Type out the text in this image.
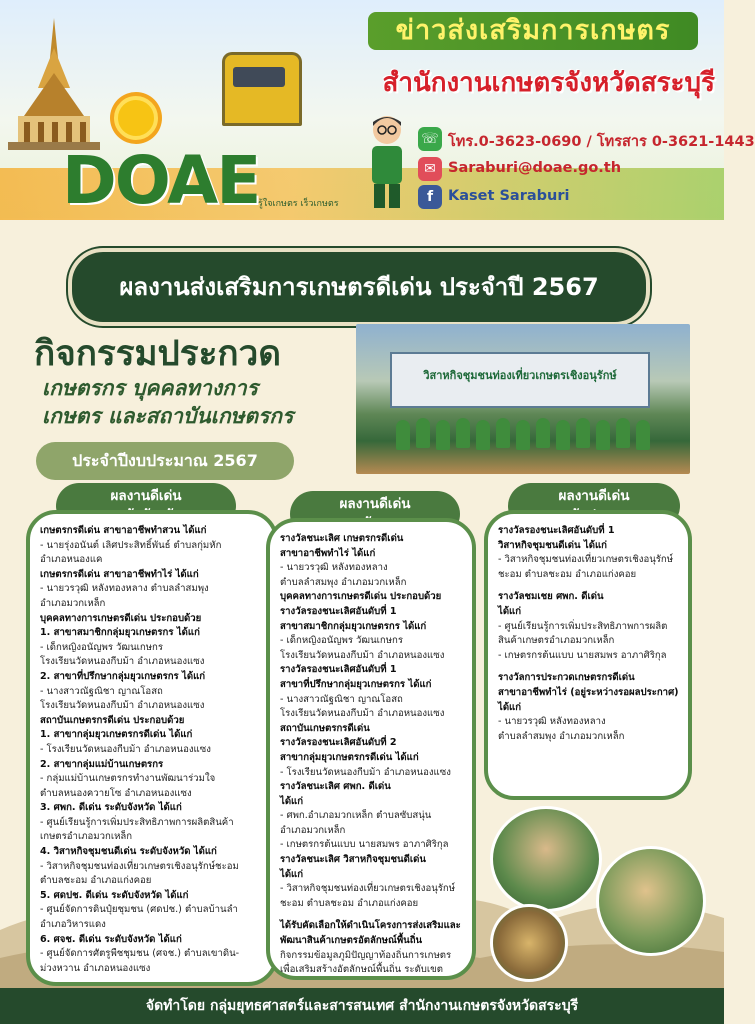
ข่าวส่งเสริมการเกษตร
สำนักงานเกษตรจังหวัดสระบุรี
☏ โทร.0-3623-0690 / โทรสาร 0-3621-1443
✉ Saraburi@doae.go.th
f	Kaset Saraburi
DOAE
รู้ใจเกษตร เร็วเกษตร
ผลงานส่งเสริมการเกษตรดีเด่น ประจำปี 2567
กิจกรรมประกวด
เกษตรกร บุคคลทางการ
เกษตร และสถาบันเกษตรกร
ประจำปีงบประมาณ 2567
วิสาหกิจชุมชนท่องเที่ยวเกษตรเชิงอนุรักษ์
ผลงานดีเด่น

เกษตรกรดีเด่น สาขาอาชีพทำสวน ได้แก่

- นายรุ่งอนันต์ เลิศประสิทธิ์พันธ์ ตำบลกุ่มหัก

อำเภอหนองแค

เกษตรกรดีเด่น สาขาอาชีพทำไร่ ได้แก่

- นายวรวุฒิ หลังทองหลาง ตำบลลำสมพุง

อำเภอมวกเหล็ก

บุคคลทางการเกษตรดีเด่น ประกอบด้วย

1. สาขาสมาชิกกลุ่มยุวเกษตรกร ได้แก่

- เด็กหญิงอนัญพร วัฒนเกษกร

โรงเรียนวัดหนองกีบม้า อำเภอหนองแซง

2. สาขาที่ปรึกษากลุ่มยุวเกษตรกร ได้แก่

- นางสาวณัฐณิชา ญาณโอสถ

โรงเรียนวัดหนองกีบม้า อำเภอหนองแซง

สถาบันเกษตรกรดีเด่น ประกอบด้วย

1. สาขากลุ่มยุวเกษตรกรดีเด่น ได้แก่

- โรงเรียนวัดหนองกีบม้า อำเภอหนองแซง

2. สาขากลุ่มแม่บ้านเกษตรกร

- กลุ่มแม่บ้านเกษตรกรทำงานพัฒนาร่วมใจ

ตำบลหนองควายโซ อำเภอหนองแซง

3. ศพก. ดีเด่น ระดับจังหวัด ได้แก่

- ศูนย์เรียนรู้การเพิ่มประสิทธิภาพการผลิตสินค้า

เกษตรอำเภอมวกเหล็ก

4. วิสาหกิจชุมชนดีเด่น ระดับจังหวัด ได้แก่

- วิสาหกิจชุมชนท่องเที่ยวเกษตรเชิงอนุรักษ์ชะอม

ตำบลชะอม อำเภอแก่งคอย

5. ศดปช. ดีเด่น ระดับจังหวัด ได้แก่

- ศูนย์จัดการดินปุ๋ยชุมชน (ศดปช.) ตำบลบ้านลำ

อำเภอวิหารแดง

6. ศจช. ดีเด่น ระดับจังหวัด ได้แก่

- ศูนย์จัดการศัตรูพืชชุมชน (ศจช.) ตำบลเขาดิน-

ม่วงหวาน อำเภอหนองแซง

ผลงานดีเด่น

รางวัลชนะเลิศ เกษตรกรดีเด่น

สาขาอาชีพทำไร่ ได้แก่

- นายวรวุฒิ หลังทองหลาง

ตำบลลำสมพุง อำเภอมวกเหล็ก

บุคคลทางการเกษตรดีเด่น ประกอบด้วย

รางวัลรองชนะเลิศอันดับที่ 1

สาขาสมาชิกกลุ่มยุวเกษตรกร ได้แก่

- เด็กหญิงอนัญพร วัฒนเกษกร

โรงเรียนวัดหนองกีบม้า อำเภอหนองแซง

รางวัลรองชนะเลิศอันดับที่ 1

สาขาที่ปรึกษากลุ่มยุวเกษตรกร ได้แก่

- นางสาวณัฐณิชา ญาณโอสถ

โรงเรียนวัดหนองกีบม้า อำเภอหนองแซง

สถาบันเกษตรกรดีเด่น

รางวัลรองชนะเลิศอันดับที่ 2

สาขากลุ่มยุวเกษตรกรดีเด่น ได้แก่

- โรงเรียนวัดหนองกีบม้า อำเภอหนองแซง

รางวัลชนะเลิศ ศพก. ดีเด่น

ได้แก่

- ศพก.อำเภอมวกเหล็ก ตำบลซับสนุ่น

อำเภอมวกเหล็ก

- เกษตรกรต้นแบบ นายสมพร อาภาศิริกุล

รางวัลชนะเลิศ วิสาหกิจชุมชนดีเด่น

ได้แก่

- วิสาหกิจชุมชนท่องเที่ยวเกษตรเชิงอนุรักษ์

ชะอม ตำบลชะอม อำเภอแก่งคอย

ได้รับคัดเลือกให้ดำเนินโครงการส่งเสริมและ

พัฒนาสินค้าเกษตรอัตลักษณ์พื้นถิ่น

กิจกรรมข้อมูลภูมิปัญญาท้องถิ่นการเกษตร

เพื่อเสริมสร้างอัตลักษณ์พื้นถิ่น ระดับเขต

ผลงานดีเด่น

รางวัลรองชนะเลิศอันดับที่ 1

วิสาหกิจชุมชนดีเด่น ได้แก่

- วิสาหกิจชุมชนท่องเที่ยวเกษตรเชิงอนุรักษ์

ชะอม ตำบลชะอม อำเภอแก่งคอย

รางวัลชมเชย ศพก. ดีเด่น

ได้แก่

- ศูนย์เรียนรู้การเพิ่มประสิทธิภาพการผลิต

สินค้าเกษตรอำเภอมวกเหล็ก

- เกษตรกรต้นแบบ นายสมพร อาภาศิริกุล

รางวัลการประกวดเกษตรกรดีเด่น

สาขาอาชีพทำไร่ (อยู่ระหว่างรอผลประกาศ)

ได้แก่

- นายวรวุฒิ หลังทองหลาง

ตำบลลำสมพุง อำเภอมวกเหล็ก

จัดทำโดย กลุ่มยุทธศาสตร์และสารสนเทศ สำนักงานเกษตรจังหวัดสระบุรี
